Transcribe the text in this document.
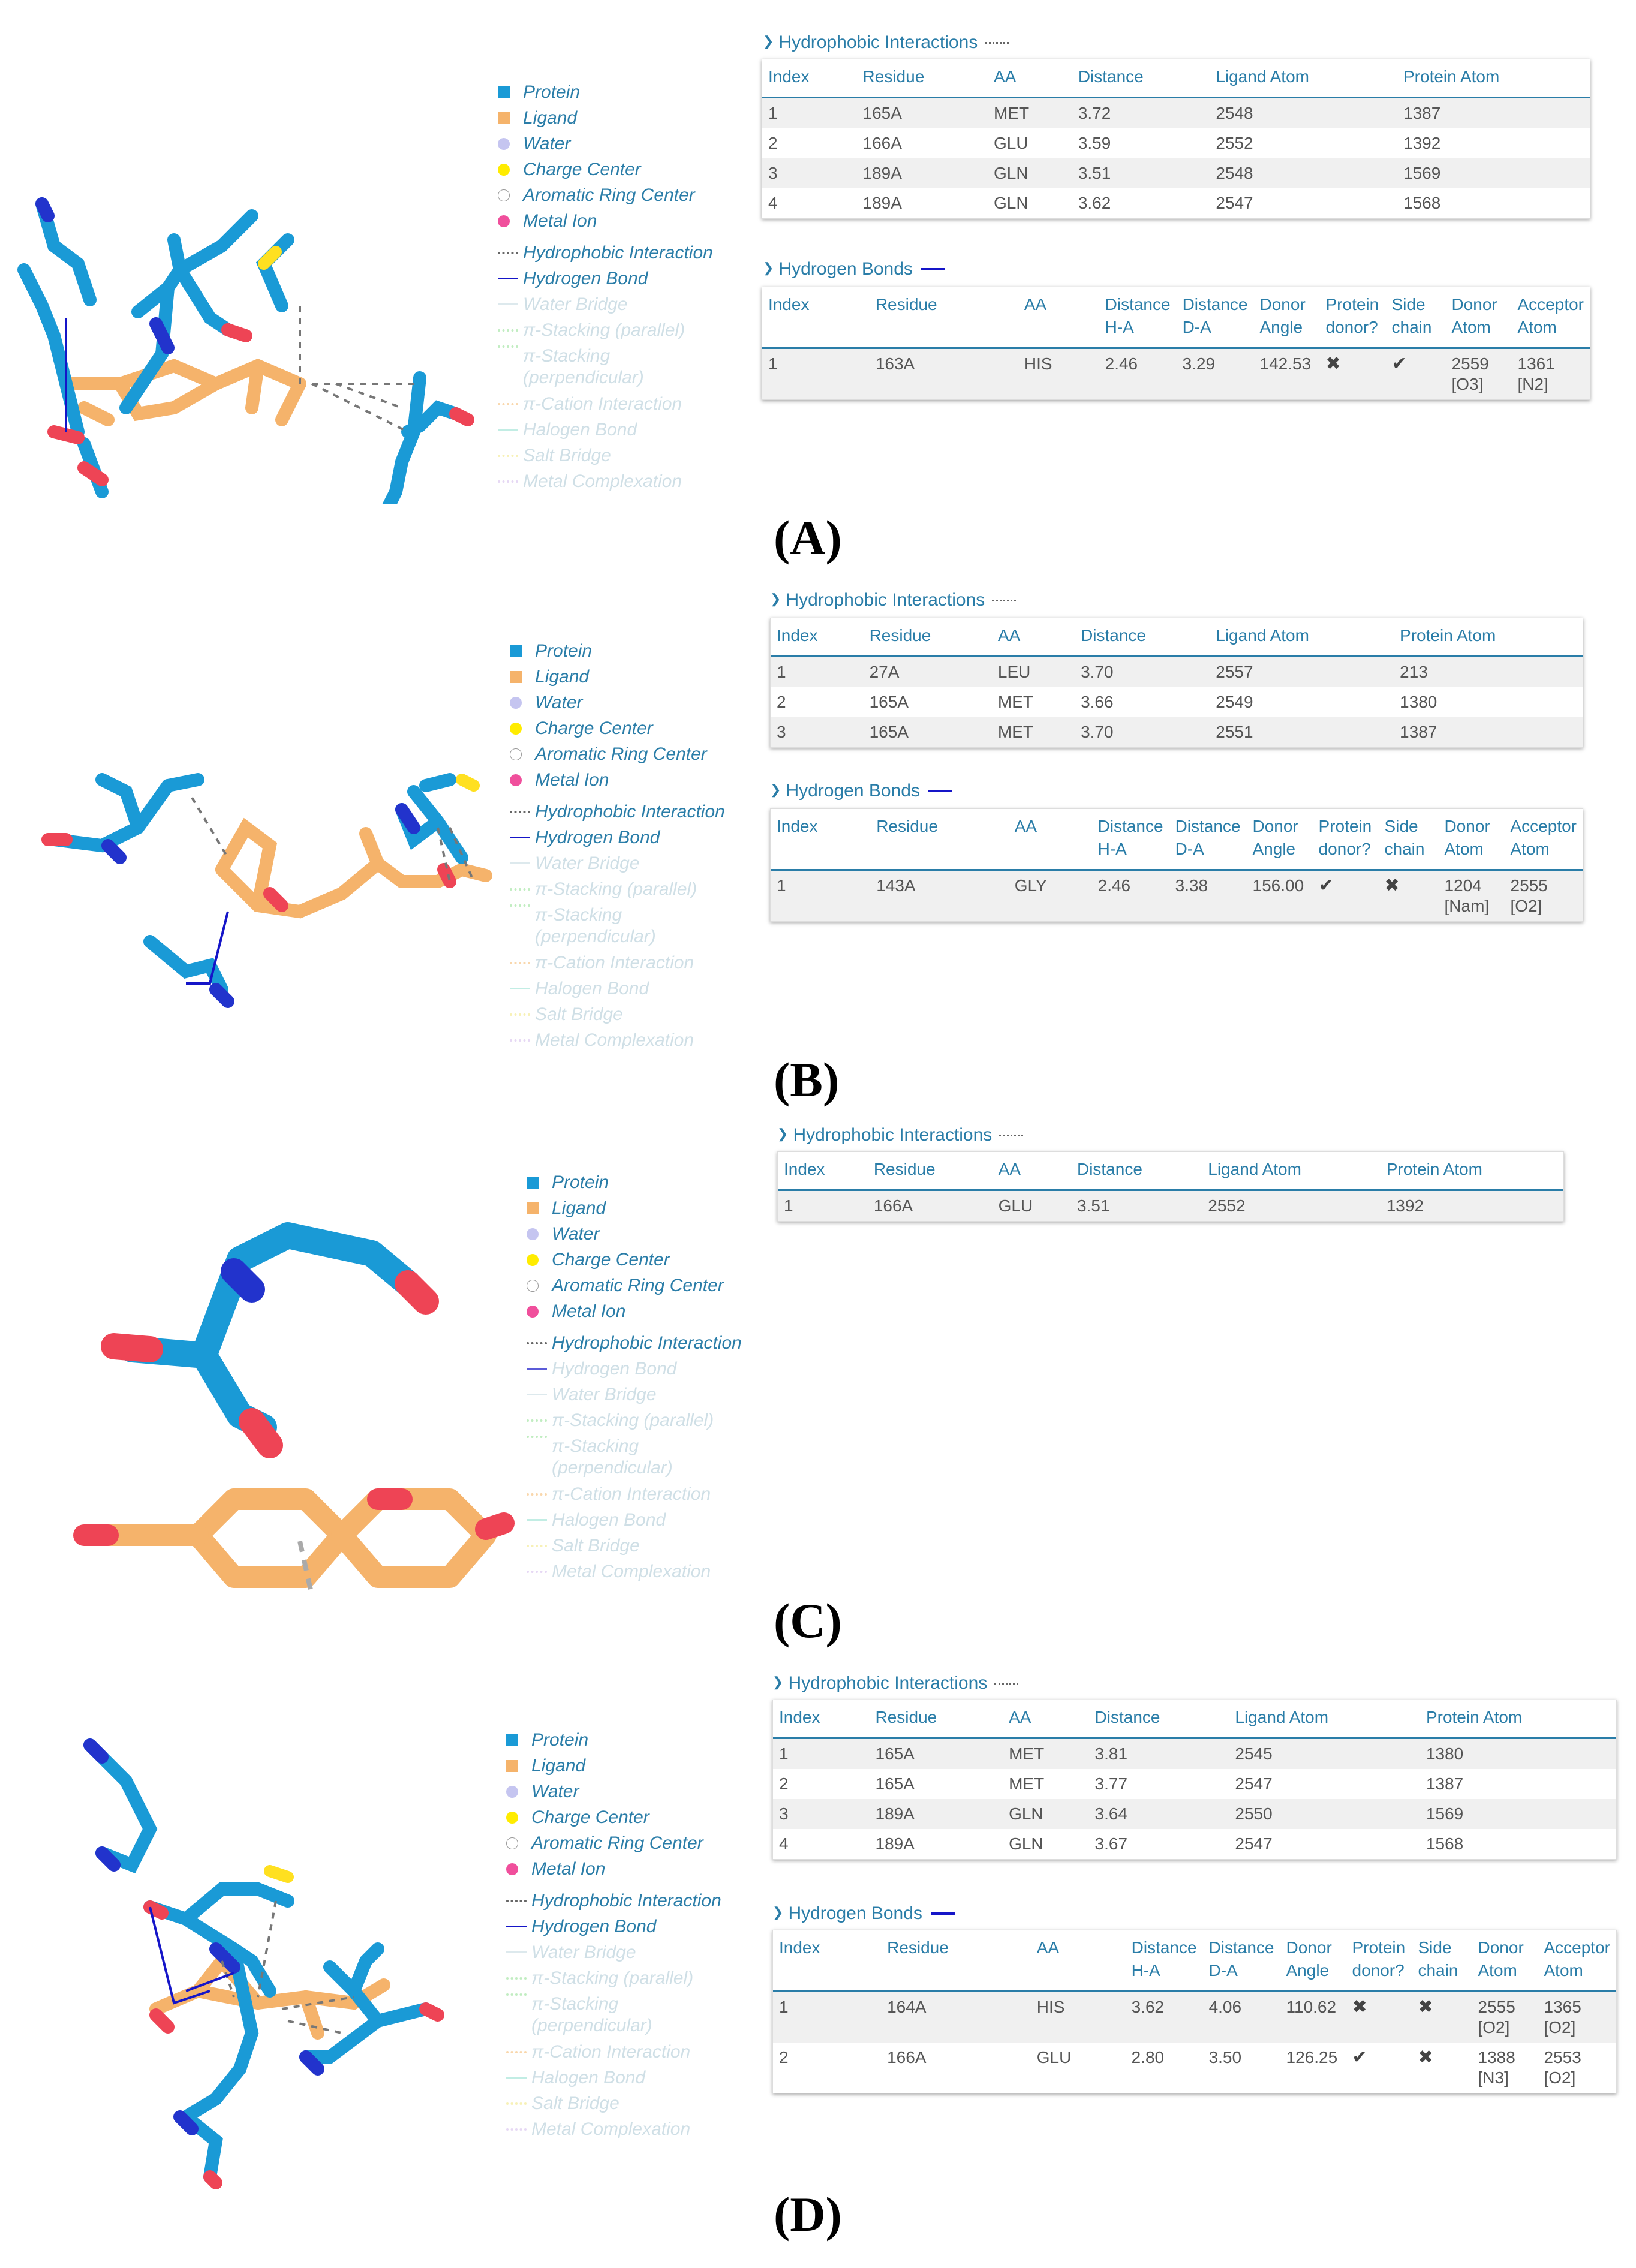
Protein
Ligand
Water
Charge Center
Aromatic Ring Center
Metal Ion
Hydrophobic Interaction
Hydrogen Bond
Water Bridge
π-Stacking (parallel)
π-Stacking (perpendicular)
π-Cation Interaction
Halogen Bond
Salt Bridge
Metal Complexation
❯ Hydrophobic Interactions
Index	Residue	AA	Distance	Ligand Atom	Protein Atom
1	165A	MET	3.72	2548	1387
2	166A	GLU	3.59	2552	1392
3	189A	GLN	3.51	2548	1569
4	189A	GLN	3.62	2547	1568
❯ Hydrogen Bonds
Index	Residue	AA	Distance H-A	Distance D-A	Donor Angle	Protein donor?	Side chain	Donor Atom	Acceptor Atom
1	163A	HIS	2.46	3.29	142.53	✖	✔	2559 [O3]	1361 [N2]
(A)
Protein
Ligand
Water
Charge Center
Aromatic Ring Center
Metal Ion
Hydrophobic Interaction
Hydrogen Bond
Water Bridge
π-Stacking (parallel)
π-Stacking (perpendicular)
π-Cation Interaction
Halogen Bond
Salt Bridge
Metal Complexation
❯ Hydrophobic Interactions
Index	Residue	AA	Distance	Ligand Atom	Protein Atom
1	27A	LEU	3.70	2557	213
2	165A	MET	3.66	2549	1380
3	165A	MET	3.70	2551	1387
❯ Hydrogen Bonds
Index	Residue	AA	Distance H-A	Distance D-A	Donor Angle	Protein donor?	Side chain	Donor Atom	Acceptor Atom
1	143A	GLY	2.46	3.38	156.00	✔	✖	1204 [Nam]	2555 [O2]
(B)
Protein
Ligand
Water
Charge Center
Aromatic Ring Center
Metal Ion
Hydrophobic Interaction
Hydrogen Bond
Water Bridge
π-Stacking (parallel)
π-Stacking (perpendicular)
π-Cation Interaction
Halogen Bond
Salt Bridge
Metal Complexation
❯ Hydrophobic Interactions
Index	Residue	AA	Distance	Ligand Atom	Protein Atom
1	166A	GLU	3.51	2552	1392
(C)
Protein
Ligand
Water
Charge Center
Aromatic Ring Center
Metal Ion
Hydrophobic Interaction
Hydrogen Bond
Water Bridge
π-Stacking (parallel)
π-Stacking (perpendicular)
π-Cation Interaction
Halogen Bond
Salt Bridge
Metal Complexation
❯ Hydrophobic Interactions
Index	Residue	AA	Distance	Ligand Atom	Protein Atom
1	165A	MET	3.81	2545	1380
2	165A	MET	3.77	2547	1387
3	189A	GLN	3.64	2550	1569
4	189A	GLN	3.67	2547	1568
❯ Hydrogen Bonds
Index	Residue	AA	Distance H-A	Distance D-A	Donor Angle	Protein donor?	Side chain	Donor Atom	Acceptor Atom
1	164A	HIS	3.62	4.06	110.62	✖	✖	2555 [O2]	1365 [O2]
2	166A	GLU	2.80	3.50	126.25	✔	✖	1388 [N3]	2553 [O2]
(D)
